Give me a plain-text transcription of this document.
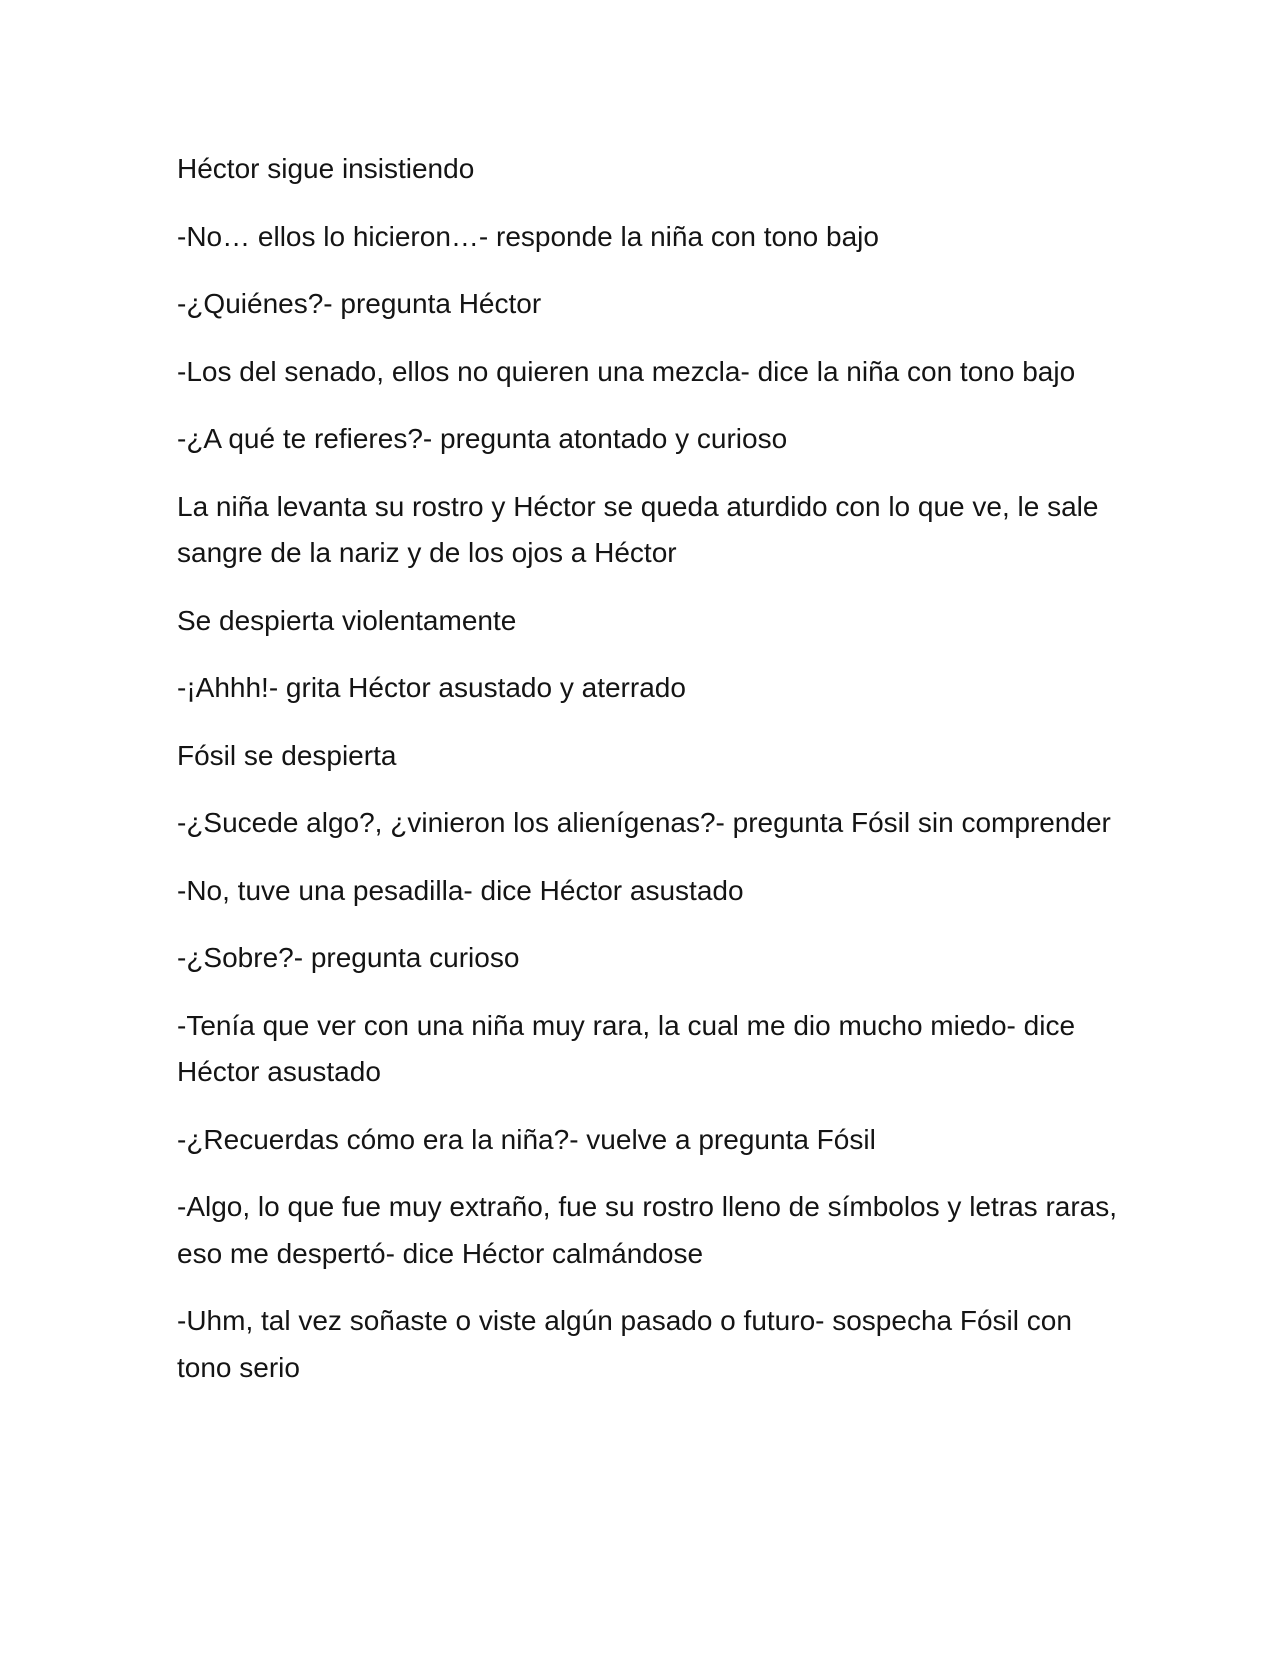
Héctor sigue insistiendo

-No… ellos lo hicieron…- responde la niña con tono bajo

-¿Quiénes?- pregunta Héctor

-Los del senado, ellos no quieren una mezcla- dice la niña con tono bajo

-¿A qué te refieres?- pregunta atontado y curioso

La niña levanta su rostro y Héctor se queda aturdido con lo que ve, le sale sangre de la nariz y de los ojos a Héctor

Se despierta violentamente

-¡Ahhh!- grita Héctor asustado y aterrado

Fósil se despierta

-¿Sucede algo?, ¿vinieron los alienígenas?- pregunta Fósil sin comprender

-No, tuve una pesadilla- dice Héctor asustado

-¿Sobre?- pregunta curioso

-Tenía que ver con una niña muy rara, la cual me dio mucho miedo- dice Héctor asustado

-¿Recuerdas cómo era la niña?- vuelve a pregunta Fósil

-Algo, lo que fue muy extraño, fue su rostro lleno de símbolos y letras raras, eso me despertó- dice Héctor calmándose

-Uhm, tal vez soñaste o viste algún pasado o futuro- sospecha Fósil con tono serio
